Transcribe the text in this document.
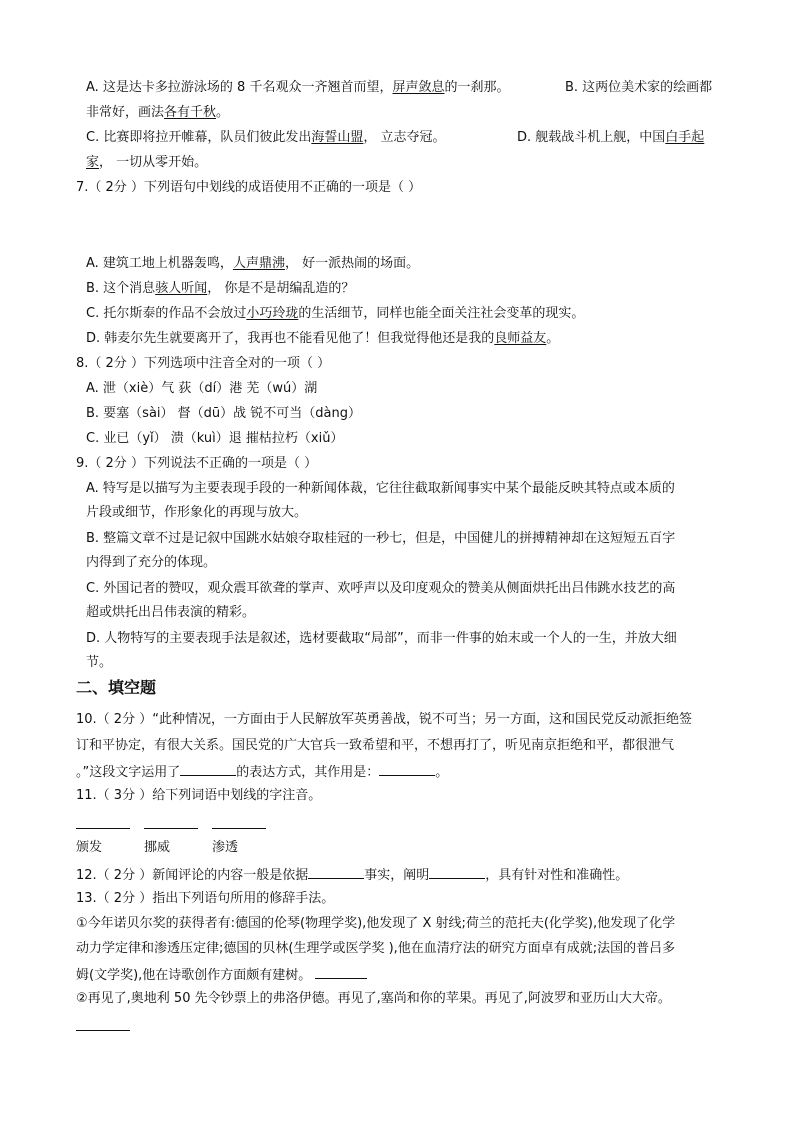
A. 这是达卡多拉游泳场的 8 千名观众一齐翘首而望，屏声敛息的一刹那。	B. 这两位美术家的绘画都
非常好，画法各有千秋。
C. 比赛即将拉开帷幕，队员们彼此发出海誓山盟， 立志夺冠。	D. 舰载战斗机上舰，中国白手起
家， 一切从零开始。
7.（ 2分 ）下列语句中划线的成语使用不正确的一项是（ ）
A. 建筑工地上机器轰鸣，人声鼎沸， 好一派热闹的场面。
B. 这个消息骇人听闻， 你是不是胡编乱造的？
C. 托尔斯泰的作品不会放过小巧玲珑的生活细节，同样也能全面关注社会变革的现实。
D. 韩麦尔先生就要离开了，我再也不能看见他了！但我觉得他还是我的良师益友。
8.（ 2分 ）下列选项中注音全对的一项（ ）
A. 泄（xiè）气 荻（dí）港 芜（wú）湖
B. 要塞（sài） 督（dū）战 锐不可当（dàng）
C. 业已（yǐ） 溃（kuì）退 摧枯拉朽（xiǔ）
9.（ 2分 ）下列说法不正确的一项是（ ）
A. 特写是以描写为主要表现手段的一种新闻体裁，它往往截取新闻事实中某个最能反映其特点或本质的
片段或细节，作形象化的再现与放大。
B. 整篇文章不过是记叙中国跳水姑娘夺取桂冠的一秒七，但是，中国健儿的拼搏精神却在这短短五百字
内得到了充分的体现。
C. 外国记者的赞叹，观众震耳欲聋的掌声、欢呼声以及印度观众的赞美从侧面烘托出吕伟跳水技艺的高
超或烘托出吕伟表演的精彩。
D. 人物特写的主要表现手法是叙述，选材要截取“局部”，而非一件事的始末或一个人的一生，并放大细
节。
二、填空题
10.（ 2分 ）“此种情况，一方面由于人民解放军英勇善战，锐不可当；另一方面，这和国民党反动派拒绝签
订和平协定，有很大关系。国民党的广大官兵一致希望和平，不想再打了，听见南京拒绝和平，都很泄气
。”这段文字运用了	的表达方式，其作用是：	。
11.（ 3分 ）给下列词语中划线的字注音。
颁发	挪威	渗透
12.（ 2分 ）新闻评论的内容一般是依据	事实，阐明	，具有针对性和准确性。
13.（ 2分 ）指出下列语句所用的修辞手法。
①今年诺贝尔奖的获得者有:德国的伦琴(物理学奖),他发现了 X 射线;荷兰的范托夫(化学奖),他发现了化学
动力学定律和渗透压定律;德国的贝林(生理学或医学奖 ),他在血清疗法的研究方面卓有成就;法国的普吕多
姆(文学奖),他在诗歌创作方面颇有建树。
②再见了,奥地利 50 先令钞票上的弗洛伊德。再见了,塞尚和你的苹果。再见了,阿波罗和亚历山大大帝。
